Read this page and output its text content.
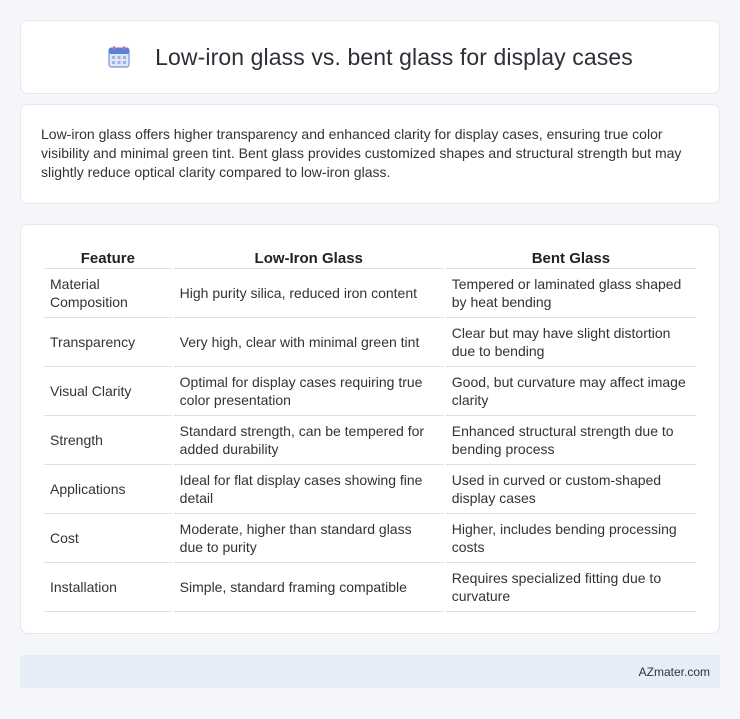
Low-iron glass vs. bent glass for display cases

Low-iron glass offers higher transparency and enhanced clarity for display cases, ensuring true color visibility and minimal green tint. Bent glass provides customized shapes and structural strength but may slightly reduce optical clarity compared to low-iron glass.

Feature	Low-Iron Glass	Bent Glass
Material Composition	High purity silica, reduced iron content	Tempered or laminated glass shaped by heat bending
Transparency	Very high, clear with minimal green tint	Clear but may have slight distortion due to bending
Visual Clarity	Optimal for display cases requiring true color presentation	Good, but curvature may affect image clarity
Strength	Standard strength, can be tempered for added durability	Enhanced structural strength due to bending process
Applications	Ideal for flat display cases showing fine detail	Used in curved or custom-shaped display cases
Cost	Moderate, higher than standard glass due to purity	Higher, includes bending processing costs
Installation	Simple, standard framing compatible	Requires specialized fitting due to curvature
AZmater.com
